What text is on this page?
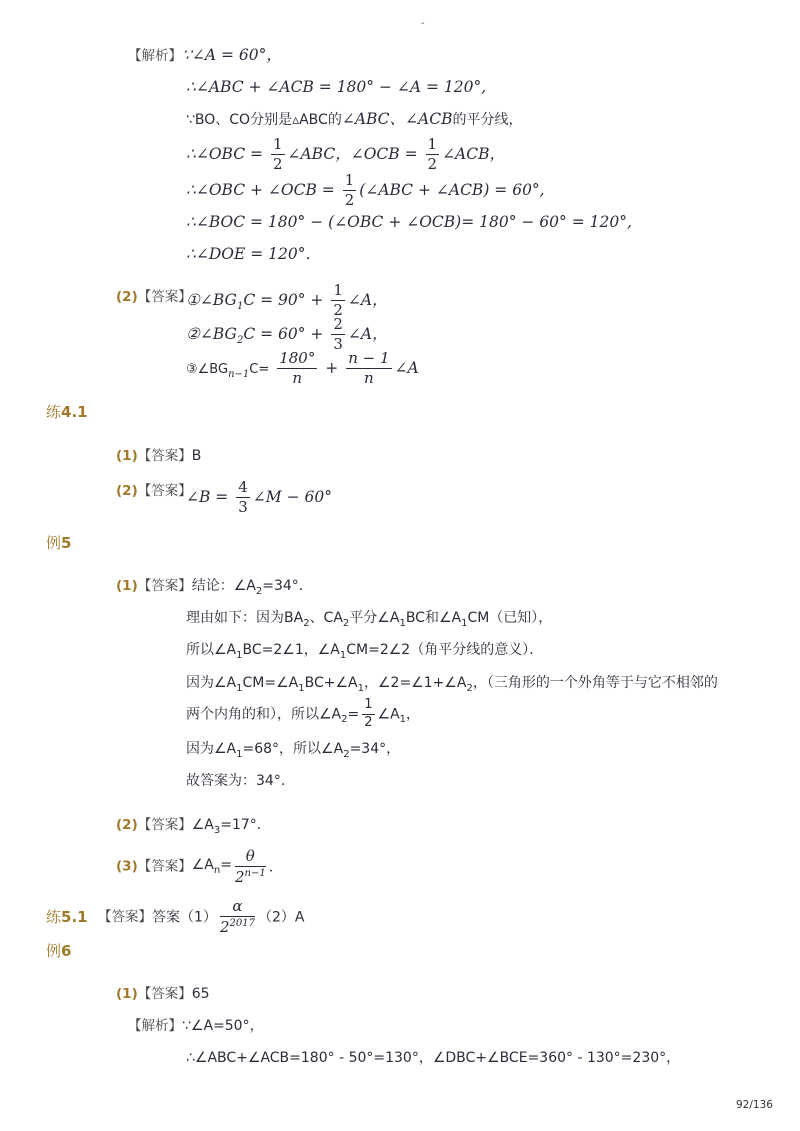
-
92/136
【解析】∵∠A = 60°，
∴∠ABC + ∠ACB = 180° − ∠A = 120°,
∵BO、CO分别是▵ABC的∠ABC、∠ACB的平分线，
∴∠OBC = $\frac{1}{2}$ ∠ABC，∠OCB = $\frac{1}{2}$ ∠ACB，
∴∠OBC + ∠OCB = $\frac{1}{2}$ (∠ABC + ∠ACB) = 60°,
∴∠BOC = 180° − (∠OBC + ∠OCB)= 180° − 60° = 120°,
∴∠DOE = 120°．
(2)【答案】
$①\angle BG_1C = 90^\circ + \frac{1}{2}$ ∠A，
$②\angle BG_2C = 60^\circ + \frac{2}{3}$ ∠A，
$③\angle BG_{n-1}C= \frac{180^\circ}{n} + \frac{n - 1}{n}$ ∠A
练4.1
(1)【答案】B
(2)【答案】
∠B = $\frac{4}{3}$ ∠M − 60°
例5
(1)【答案】结论：$\angle A_2=34^\circ$．
理由如下：因为$BA_2$、$CA_2$平分$\angle A_1BC$和$\angle A_1CM$（已知），
所以$\angle A_1BC=2\angle 1$，$\angle A_1CM=2\angle 2$（角平分线的意义）．
因为$\angle A_1CM=\angle A_1BC+\angle A_1$，$\angle 2=\angle 1+\angle A_2$，（三角形的一个外角等于与它不相邻的
两个内角的和），所以$\angle A_2= \frac{1}{2}$ $\angle A_1$，
因为$\angle A_1=68^\circ$，所以$\angle A_2=34^\circ$，
故答案为：34°.
(2)【答案】$\angle A_3=17^\circ$．
(3)【答案】$\angle A_n= \frac{\theta}{2^{n-1}}$ ．
练5.1 【答案】答案$(1) \frac{\alpha}{2^{2017}} (2)A$
例6
(1)【答案】65
【解析】∵∠A=50°，
∴∠ABC+∠ACB=180° - 50°=130°，∠DBC+∠BCE=360° - 130°=230°，
